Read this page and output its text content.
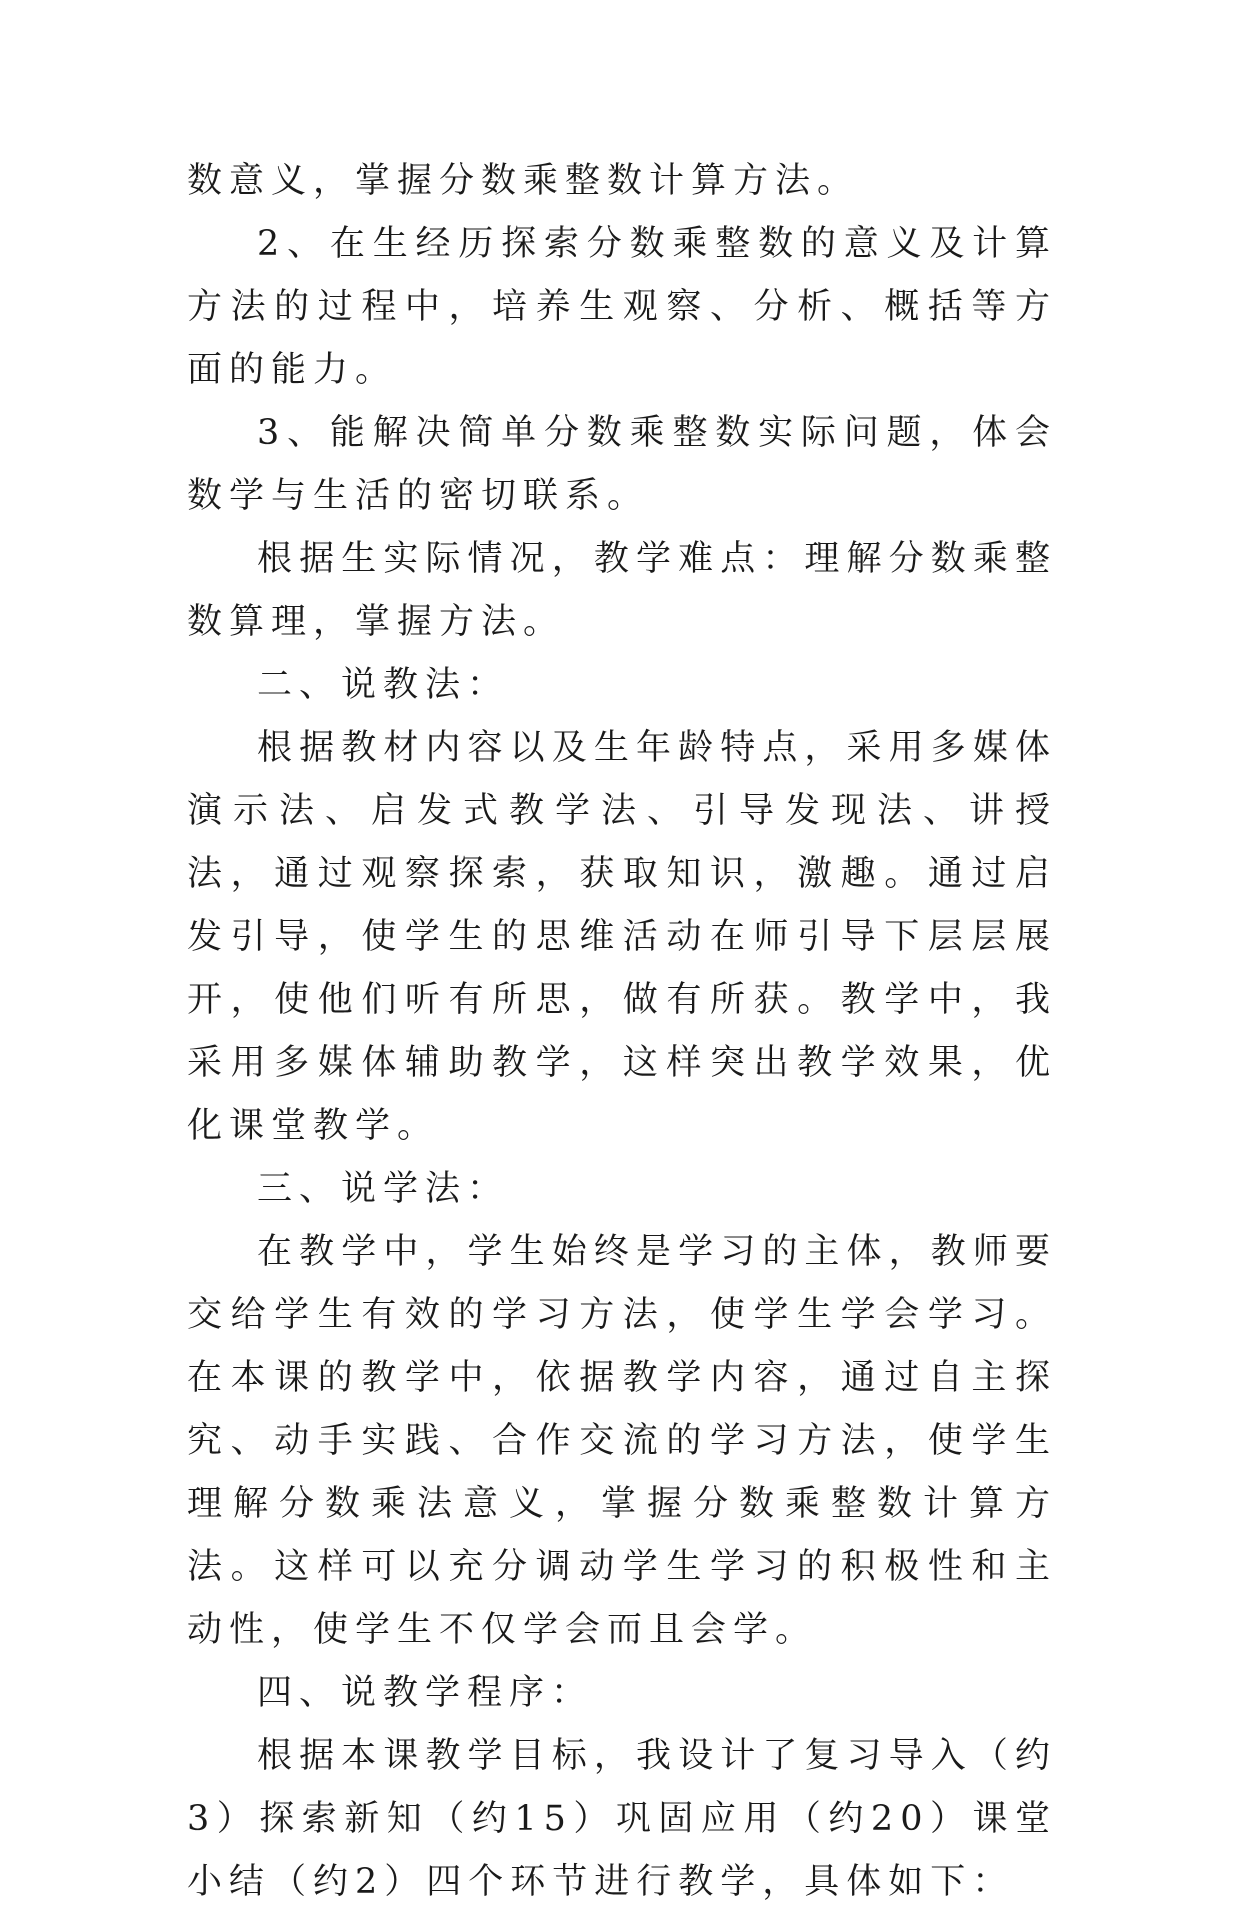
数意义，掌握分数乘整数计算方法。

2、在生经历探索分数乘整数的意义及计算方法的过程中，培养生观察、分析、概括等方面的能力。

3、能解决简单分数乘整数实际问题，体会数学与生活的密切联系。

根据生实际情况，教学难点：理解分数乘整数算理，掌握方法。

二、说教法：

根据教材内容以及生年龄特点，采用多媒体演示法、启发式教学法、引导发现法、讲授法，通过观察探索，获取知识，激趣。通过启发引导，使学生的思维活动在师引导下层层展开，使他们听有所思，做有所获。教学中，我采用多媒体辅助教学，这样突出教学效果，优化课堂教学。

三、说学法：

在教学中，学生始终是学习的主体，教师要交给学生有效的学习方法，使学生学会学习。在本课的教学中，依据教学内容，通过自主探究、动手实践、合作交流的学习方法，使学生理解分数乘法意义，掌握分数乘整数计算方法。这样可以充分调动学生学习的积极性和主动性，使学生不仅学会而且会学。

四、说教学程序：

根据本课教学目标，我设计了复习导入（约3）探索新知（约15）巩固应用（约20）课堂小结（约2）四个环节进行教学，具体如下：
